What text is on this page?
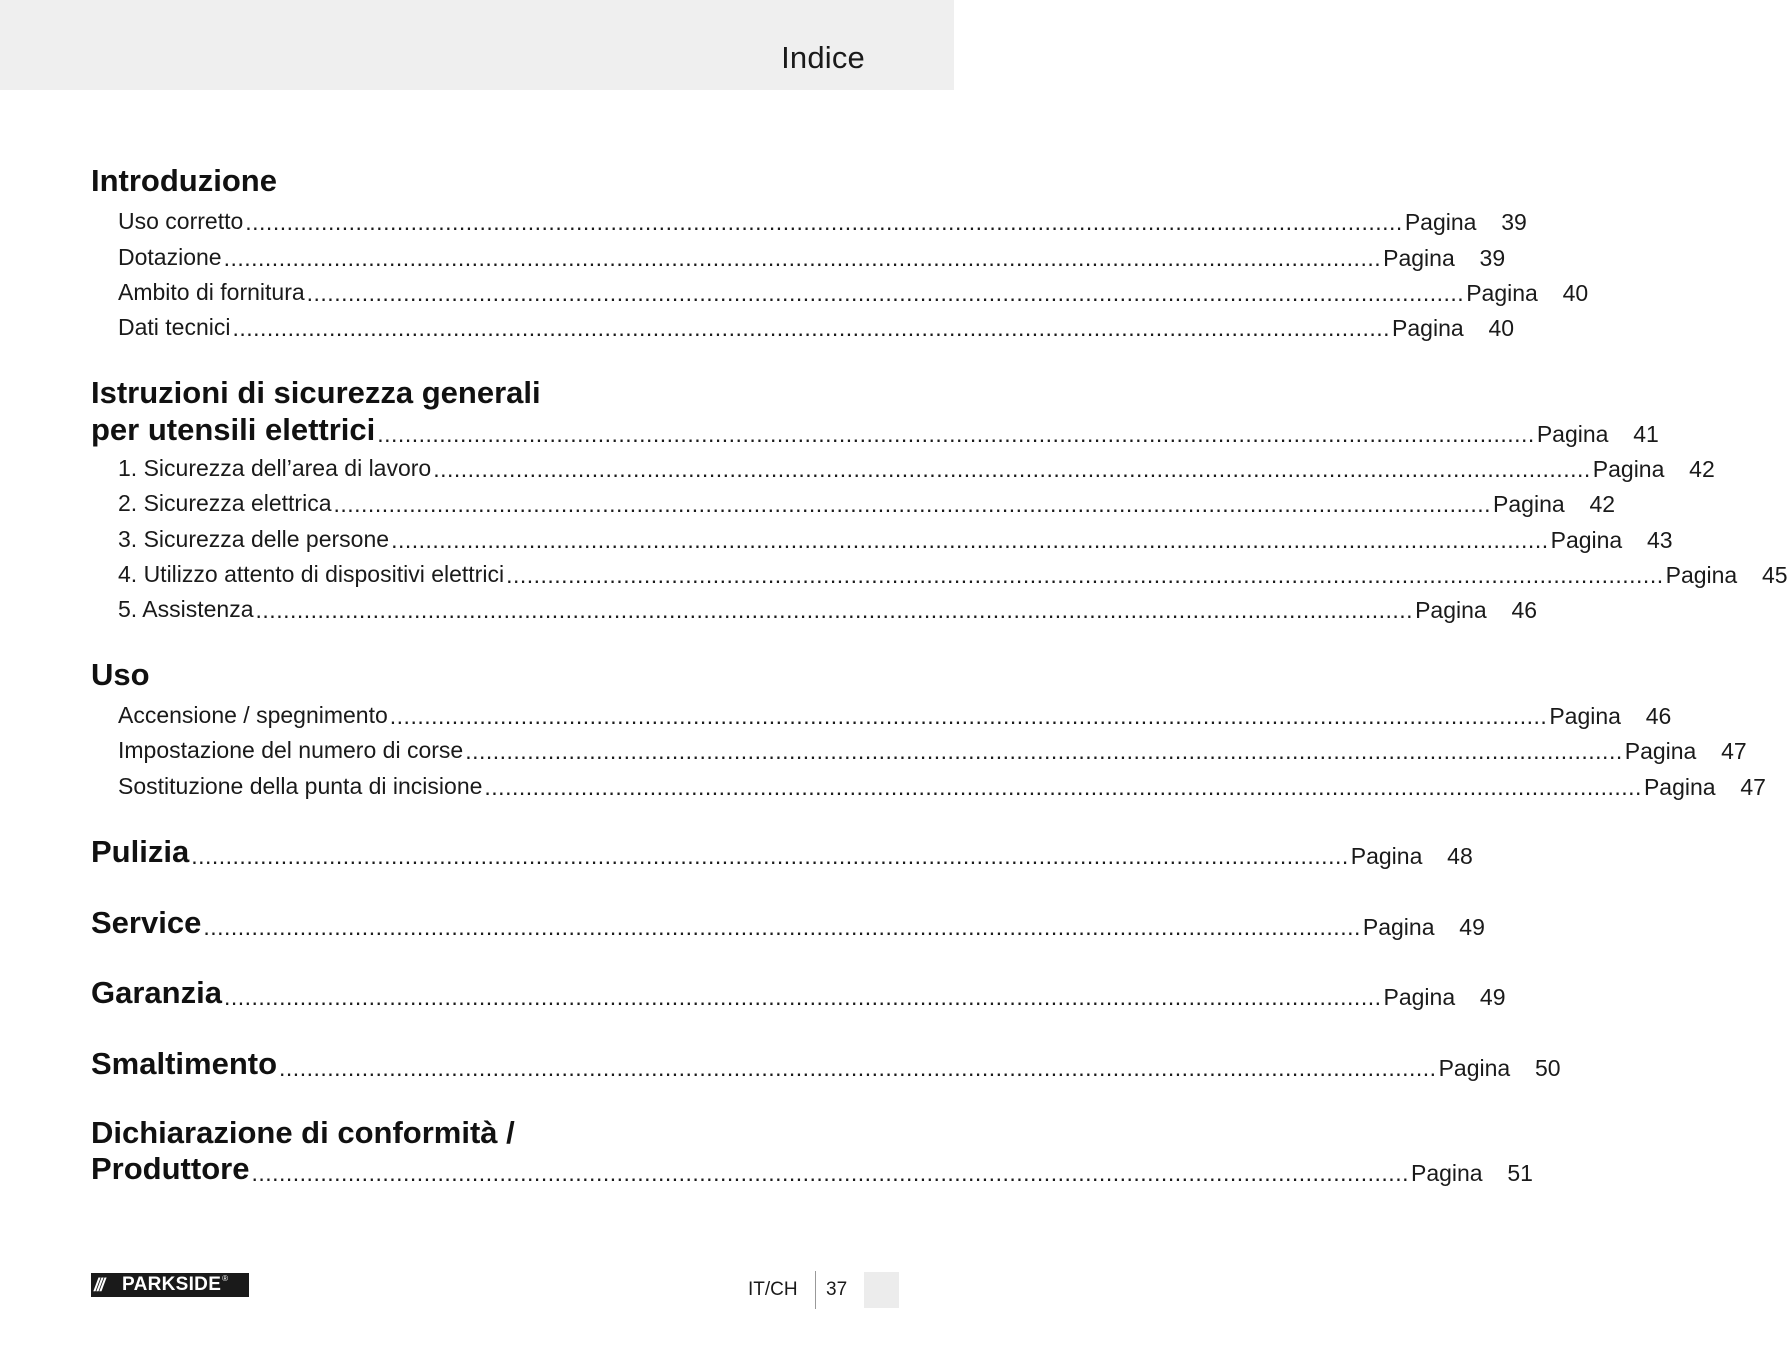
Indice
Introduzione
Uso corretto ........................................................................................................................................................................ Pagina 39
Dotazione ........................................................................................................................................................................ Pagina 39
Ambito di fornitura ........................................................................................................................................................................ Pagina 40
Dati tecnici ........................................................................................................................................................................ Pagina 40
Istruzioni di sicurezza generali
per utensili elettrici ........................................................................................................................................................................ Pagina 41
1. Sicurezza dell’area di lavoro ........................................................................................................................................................................ Pagina 42
2. Sicurezza elettrica ........................................................................................................................................................................ Pagina 42
3. Sicurezza delle persone ........................................................................................................................................................................ Pagina 43
4. Utilizzo attento di dispositivi elettrici ........................................................................................................................................................................ Pagina 45
5. Assistenza ........................................................................................................................................................................ Pagina 46
Uso
Accensione / spegnimento ........................................................................................................................................................................ Pagina 46
Impostazione del numero di corse ........................................................................................................................................................................ Pagina 47
Sostituzione della punta di incisione ........................................................................................................................................................................ Pagina 47
Pulizia ........................................................................................................................................................................ Pagina 48
Service ........................................................................................................................................................................ Pagina 49
Garanzia ........................................................................................................................................................................ Pagina 49
Smaltimento ........................................................................................................................................................................ Pagina 50
Dichiarazione di conformità /
Produttore ........................................................................................................................................................................ Pagina 51
/// PARKSIDE ®
IT/CH 37
